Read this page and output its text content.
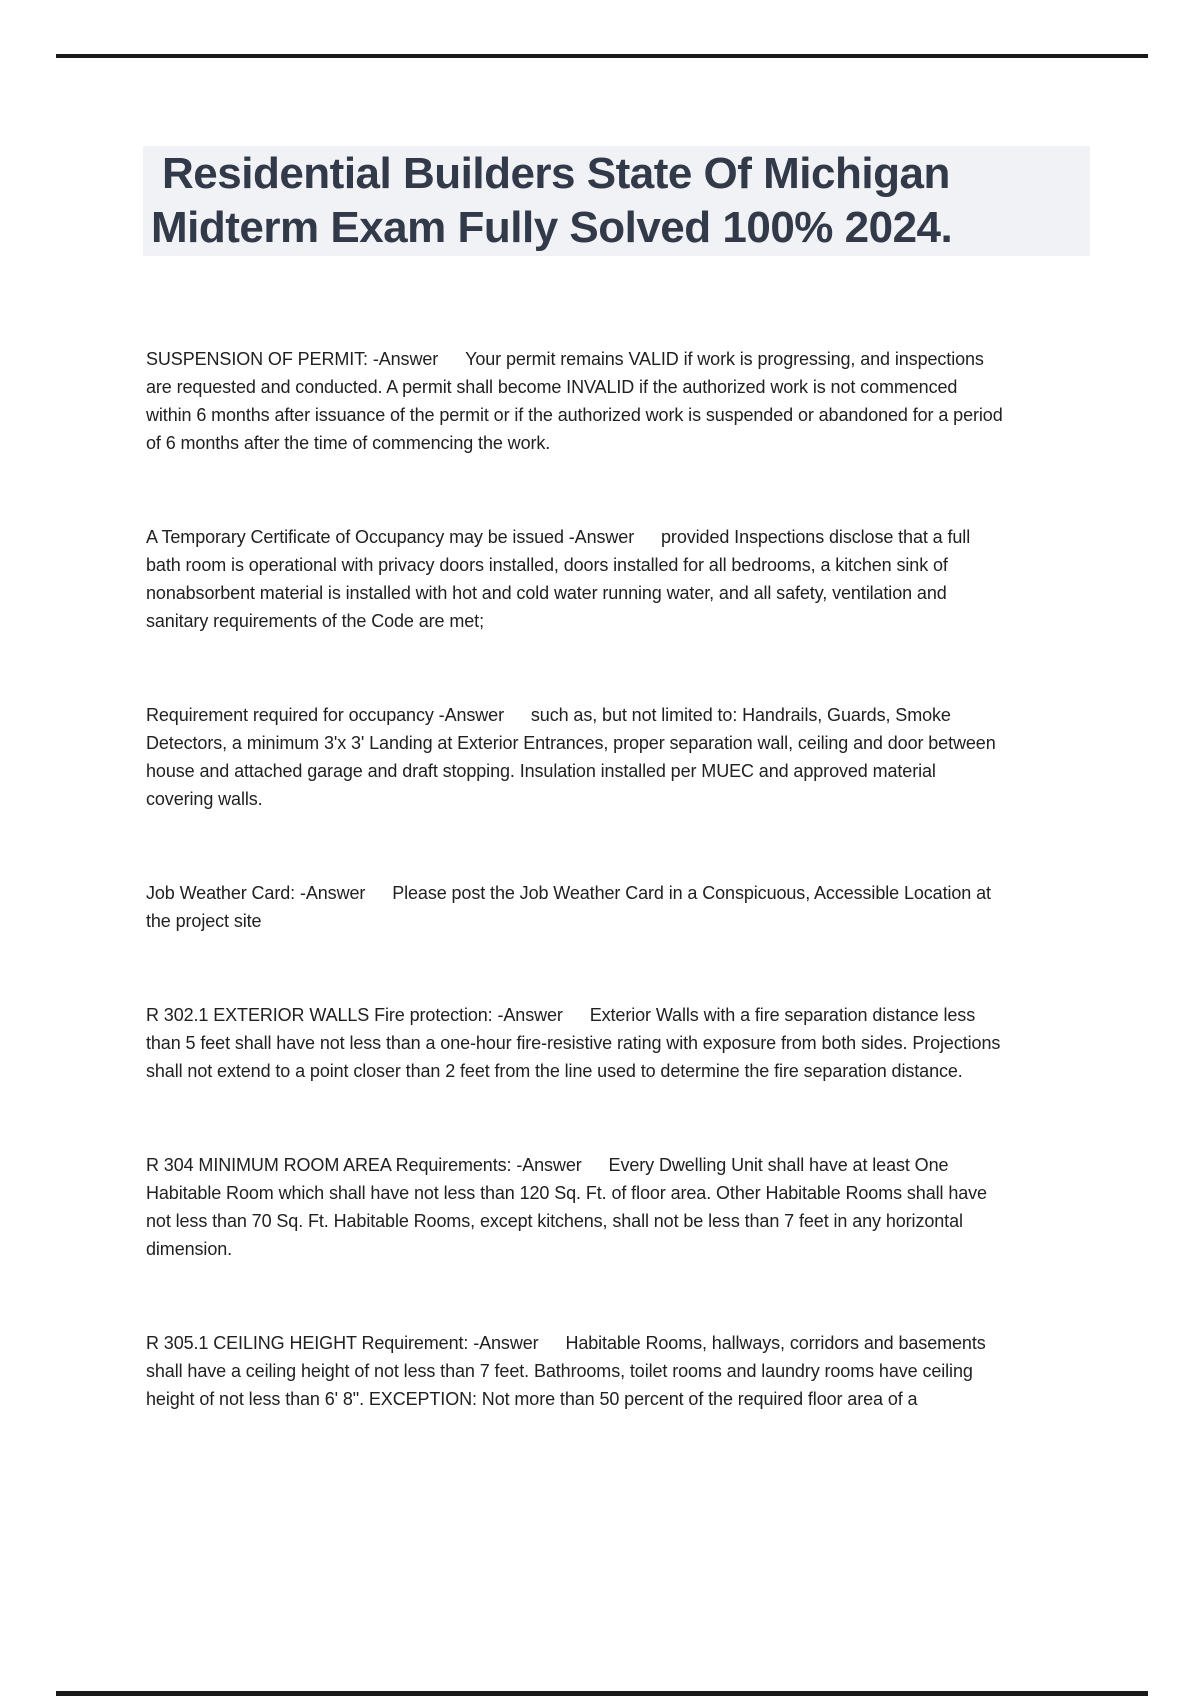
Residential Builders State Of Michigan
Midterm Exam Fully Solved 100% 2024.

SUSPENSION OF PERMIT: -Answer Your permit remains VALID if work is progressing, and inspections are requested and conducted. A permit shall become INVALID if the authorized work is not commenced within 6 months after issuance of the permit or if the authorized work is suspended or abandoned for a period of 6 months after the time of commencing the work.

A Temporary Certificate of Occupancy may be issued -Answer provided Inspections disclose that a full bath room is operational with privacy doors installed, doors installed for all bedrooms, a kitchen sink of nonabsorbent material is installed with hot and cold water running water, and all safety, ventilation and sanitary requirements of the Code are met;

Requirement required for occupancy -Answer such as, but not limited to: Handrails, Guards, Smoke Detectors, a minimum 3'x 3' Landing at Exterior Entrances, proper separation wall, ceiling and door between house and attached garage and draft stopping. Insulation installed per MUEC and approved material covering walls.

Job Weather Card: -Answer Please post the Job Weather Card in a Conspicuous, Accessible Location at the project site

R 302.1 EXTERIOR WALLS Fire protection: -Answer Exterior Walls with a fire separation distance less than 5 feet shall have not less than a one-hour fire-resistive rating with exposure from both sides. Projections shall not extend to a point closer than 2 feet from the line used to determine the fire separation distance.

R 304 MINIMUM ROOM AREA Requirements: -Answer Every Dwelling Unit shall have at least One Habitable Room which shall have not less than 120 Sq. Ft. of floor area. Other Habitable Rooms shall have not less than 70 Sq. Ft. Habitable Rooms, except kitchens, shall not be less than 7 feet in any horizontal dimension.

R 305.1 CEILING HEIGHT Requirement: -Answer Habitable Rooms, hallways, corridors and basements shall have a ceiling height of not less than 7 feet. Bathrooms, toilet rooms and laundry rooms have ceiling height of not less than 6' 8". EXCEPTION: Not more than 50 percent of the required floor area of a
